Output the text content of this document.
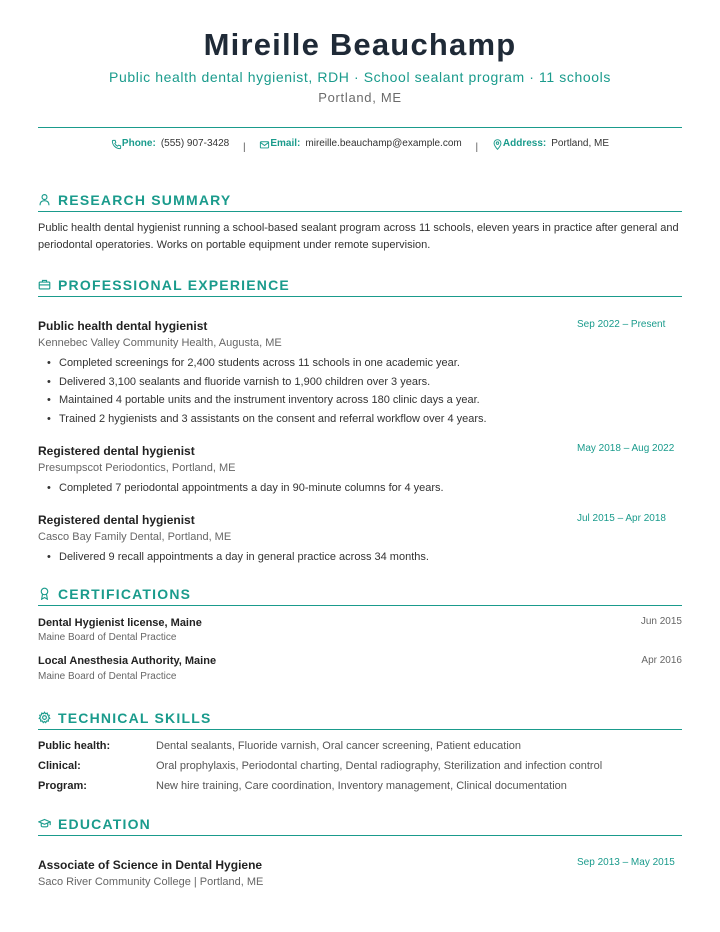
Mireille Beauchamp
Public health dental hygienist, RDH · School sealant program · 11 schools
Portland, ME
Phone: (555) 907-3428 | Email: mireille.beauchamp@example.com | Address: Portland, ME
RESEARCH SUMMARY
Public health dental hygienist running a school-based sealant program across 11 schools, eleven years in practice after general and periodontal operatories. Works on portable equipment under remote supervision.
PROFESSIONAL EXPERIENCE
Public health dental hygienist	Sep 2022 – Present
Kennebec Valley Community Health, Augusta, ME
• Completed screenings for 2,400 students across 11 schools in one academic year.
• Delivered 3,100 sealants and fluoride varnish to 1,900 children over 3 years.
• Maintained 4 portable units and the instrument inventory across 180 clinic days a year.
• Trained 2 hygienists and 3 assistants on the consent and referral workflow over 4 years.
Registered dental hygienist	May 2018 – Aug 2022
Presumpscot Periodontics, Portland, ME
• Completed 7 periodontal appointments a day in 90-minute columns for 4 years.
Registered dental hygienist	Jul 2015 – Apr 2018
Casco Bay Family Dental, Portland, ME
• Delivered 9 recall appointments a day in general practice across 34 months.
CERTIFICATIONS
Dental Hygienist license, Maine	Jun 2015
Maine Board of Dental Practice
Local Anesthesia Authority, Maine	Apr 2016
Maine Board of Dental Practice
TECHNICAL SKILLS
Public health:	Dental sealants, Fluoride varnish, Oral cancer screening, Patient education
Clinical:	Oral prophylaxis, Periodontal charting, Dental radiography, Sterilization and infection control
Program:	New hire training, Care coordination, Inventory management, Clinical documentation
EDUCATION
Associate of Science in Dental Hygiene	Sep 2013 – May 2015
Saco River Community College | Portland, ME
